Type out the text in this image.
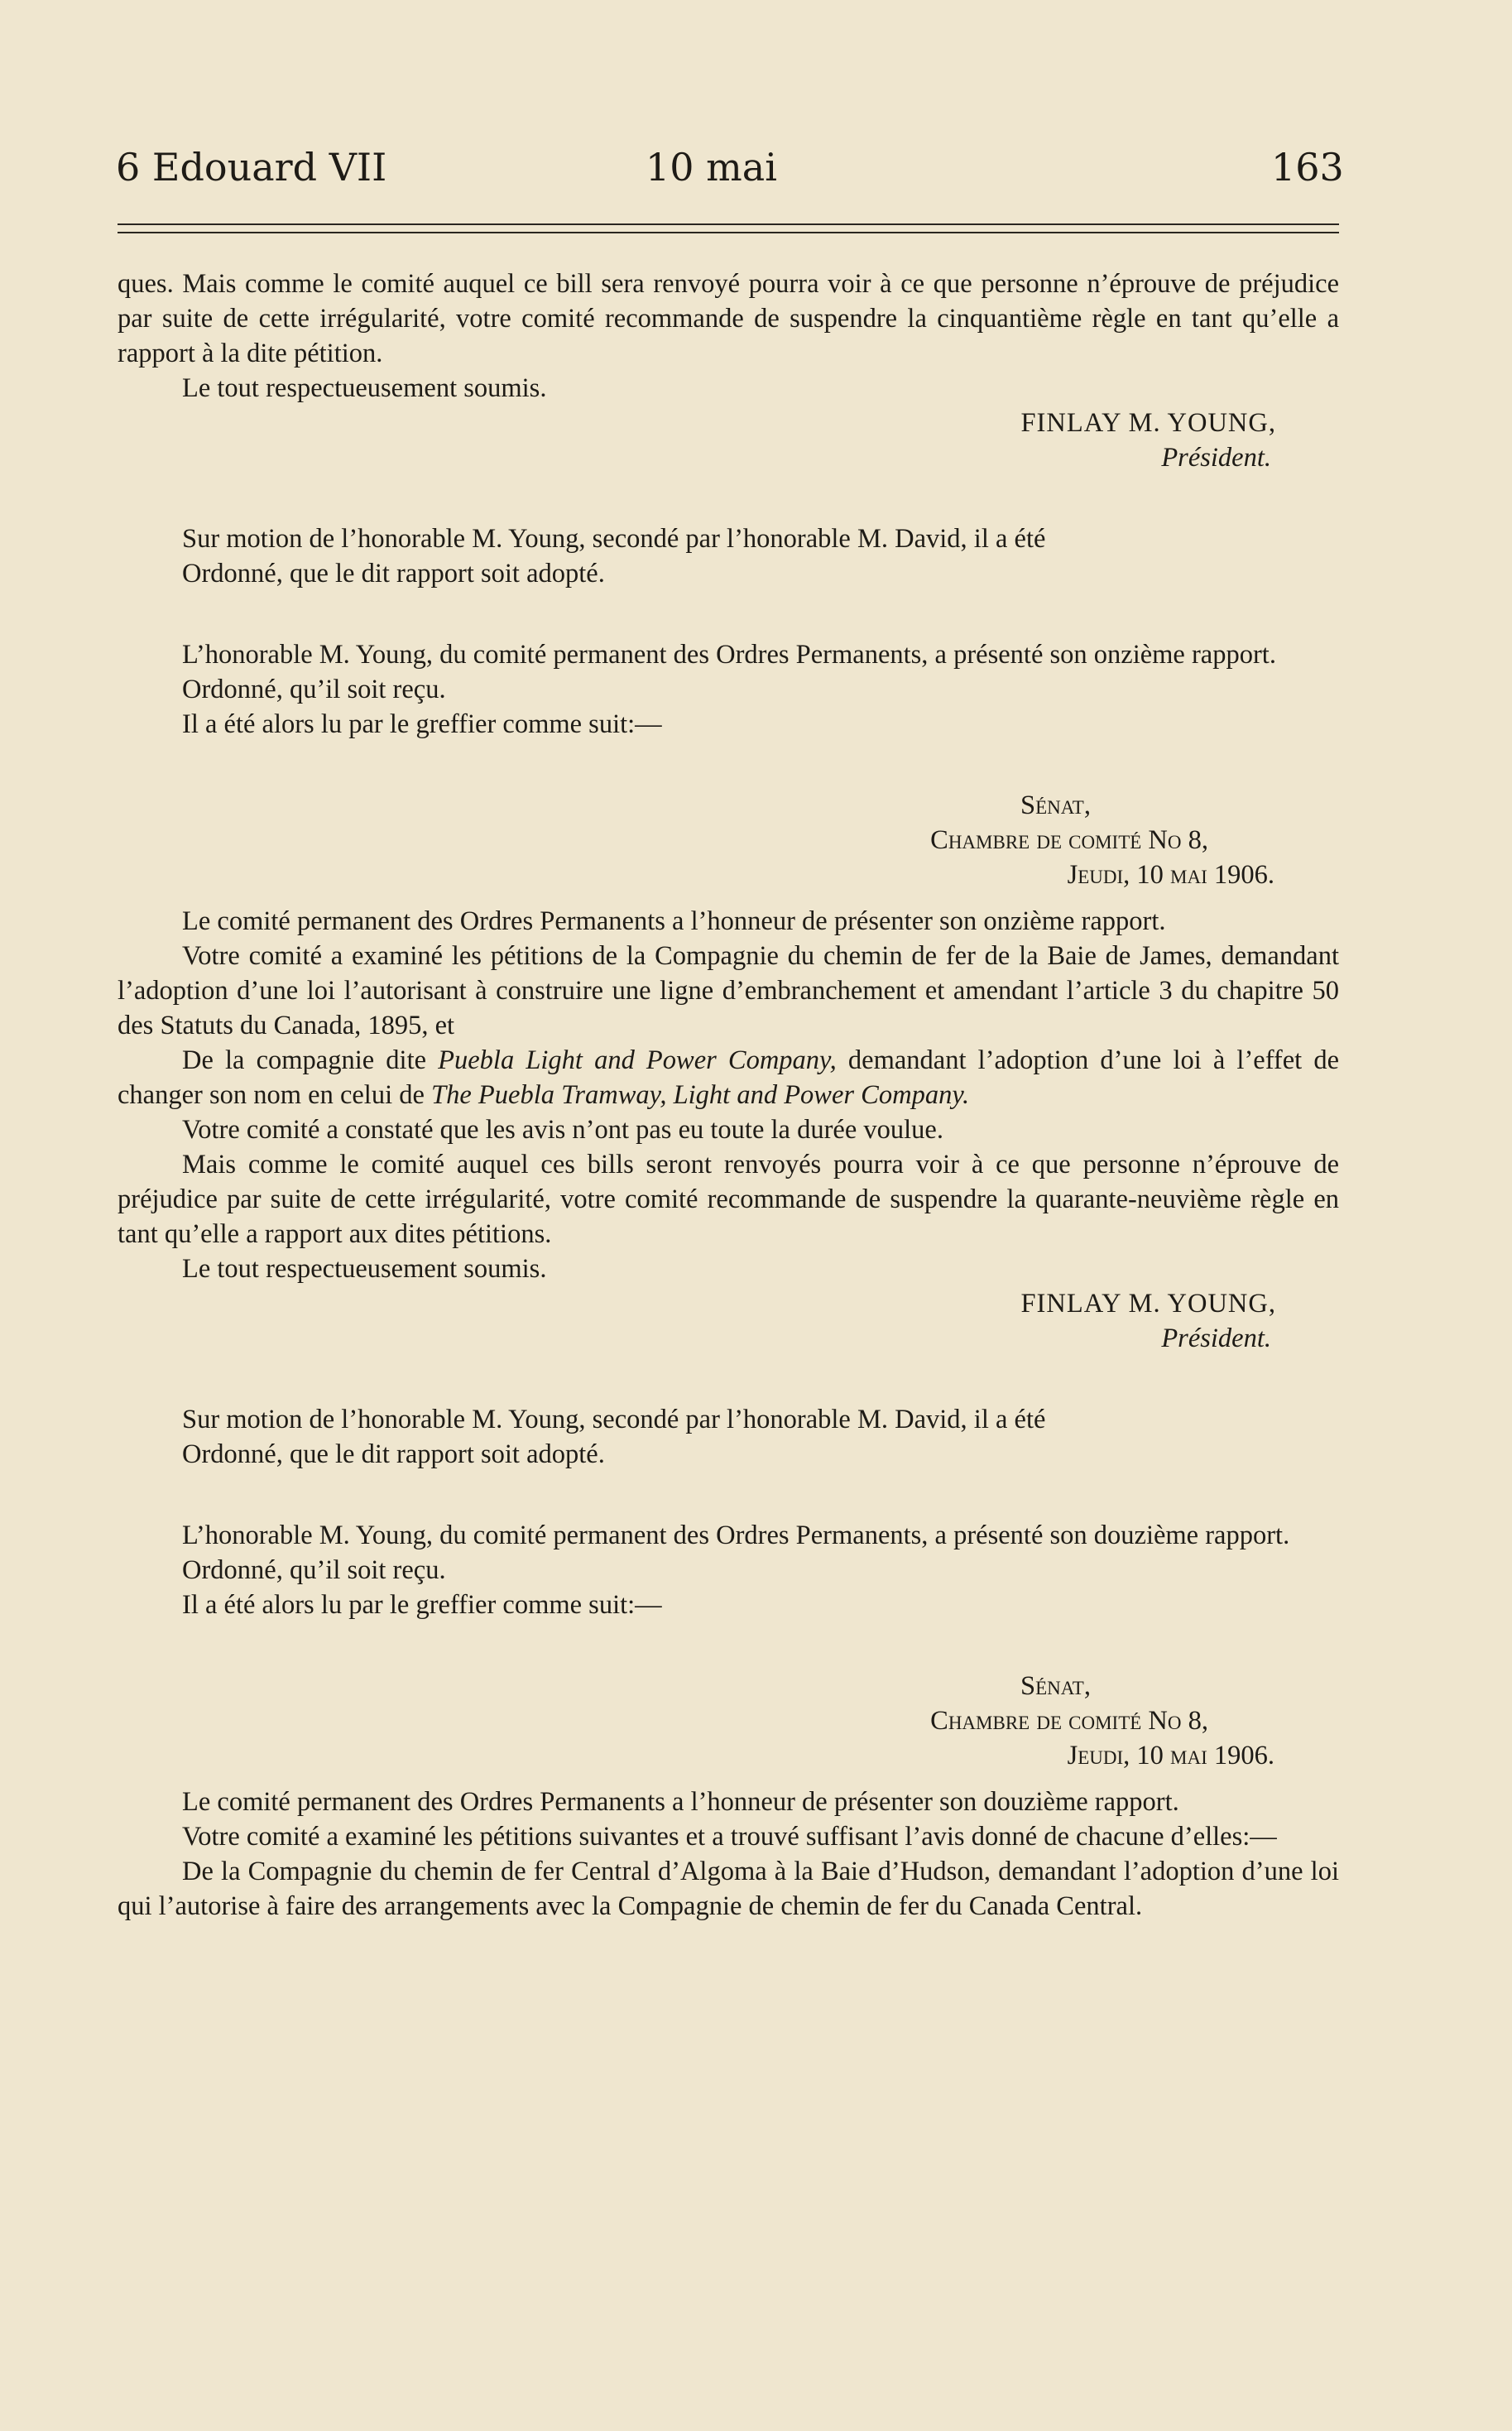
6 Edouard VII	10 mai	163

ques. Mais comme le comité auquel ce bill sera renvoyé pourra voir à ce que personne n’éprouve de préjudice par suite de cette irrégularité, votre comité recommande de suspendre la cinquantième règle en tant qu’elle a rapport à la dite pétition.

Le tout respectueusement soumis.

FINLAY M. YOUNG,
Président.

Sur motion de l’honorable M. Young, secondé par l’honorable M. David, il a été

Ordonné, que le dit rapport soit adopté.

L’honorable M. Young, du comité permanent des Ordres Permanents, a présenté son onzième rapport.

Ordonné, qu’il soit reçu.

Il a été alors lu par le greffier comme suit:—

Sénat,
Chambre de comité No 8,
Jeudi, 10 mai 1906.

Le comité permanent des Ordres Permanents a l’honneur de présenter son onzième rapport.

Votre comité a examiné les pétitions de la Compagnie du chemin de fer de la Baie de James, demandant l’adoption d’une loi l’autorisant à construire une ligne d’embranchement et amendant l’article 3 du chapitre 50 des Statuts du Canada, 1895, et

De la compagnie dite Puebla Light and Power Company, demandant l’adoption d’une loi à l’effet de changer son nom en celui de The Puebla Tramway, Light and Power Company.

Votre comité a constaté que les avis n’ont pas eu toute la durée voulue.

Mais comme le comité auquel ces bills seront renvoyés pourra voir à ce que personne n’éprouve de préjudice par suite de cette irrégularité, votre comité recommande de suspendre la quarante-neuvième règle en tant qu’elle a rapport aux dites pétitions.

Le tout respectueusement soumis.

FINLAY M. YOUNG,
Président.

Sur motion de l’honorable M. Young, secondé par l’honorable M. David, il a été

Ordonné, que le dit rapport soit adopté.

L’honorable M. Young, du comité permanent des Ordres Permanents, a présenté son douzième rapport.

Ordonné, qu’il soit reçu.

Il a été alors lu par le greffier comme suit:—

Sénat,
Chambre de comité No 8,
Jeudi, 10 mai 1906.

Le comité permanent des Ordres Permanents a l’honneur de présenter son douzième rapport.

Votre comité a examiné les pétitions suivantes et a trouvé suffisant l’avis donné de chacune d’elles:—

De la Compagnie du chemin de fer Central d’Algoma à la Baie d’Hudson, demandant l’adoption d’une loi qui l’autorise à faire des arrangements avec la Compagnie de chemin de fer du Canada Central.
